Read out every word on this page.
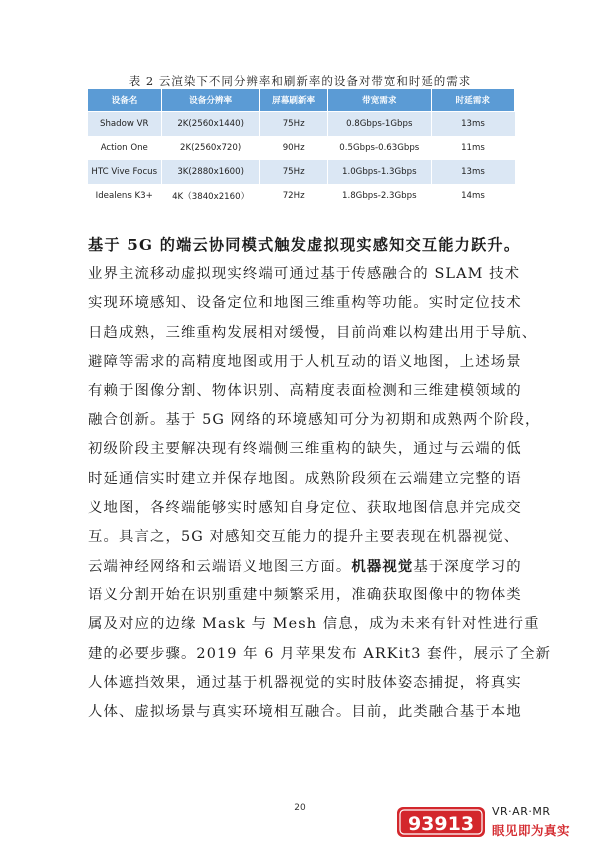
表 2 云渲染下不同分辨率和刷新率的设备对带宽和时延的需求
设备名	设备分辨率	屏幕刷新率	带宽需求	时延需求
Shadow VR	2K(2560x1440)	75Hz	0.8Gbps-1Gbps	13ms
Action One	2K(2560x720)	90Hz	0.5Gbps-0.63Gbps	11ms
HTC Vive Focus	3K(2880x1600)	75Hz	1.0Gbps-1.3Gbps	13ms
Idealens K3+	4K（3840x2160）	72Hz	1.8Gbps-2.3Gbps	14ms
基于 5G 的端云协同模式触发虚拟现实感知交互能力跃升。
业界主流移动虚拟现实终端可通过基于传感融合的 SLAM 技术
实现环境感知、设备定位和地图三维重构等功能。实时定位技术
日趋成熟，三维重构发展相对缓慢，目前尚难以构建出用于导航、
避障等需求的高精度地图或用于人机互动的语义地图，上述场景
有赖于图像分割、物体识别、高精度表面检测和三维建模领域的
融合创新。基于 5G 网络的环境感知可分为初期和成熟两个阶段，
初级阶段主要解决现有终端侧三维重构的缺失，通过与云端的低
时延通信实时建立并保存地图。成熟阶段须在云端建立完整的语
义地图，各终端能够实时感知自身定位、获取地图信息并完成交
互。具言之，5G 对感知交互能力的提升主要表现在机器视觉、
云端神经网络和云端语义地图三方面。机器视觉基于深度学习的
语义分割开始在识别重建中频繁采用，准确获取图像中的物体类
属及对应的边缘 Mask 与 Mesh 信息，成为未来有针对性进行重
建的必要步骤。2019 年 6 月苹果发布 ARKit3 套件，展示了全新
人体遮挡效果，通过基于机器视觉的实时肢体姿态捕捉，将真实
人体、虚拟场景与真实环境相互融合。目前，此类融合基于本地
20
93913
VR·AR·MR
眼见即为真实
